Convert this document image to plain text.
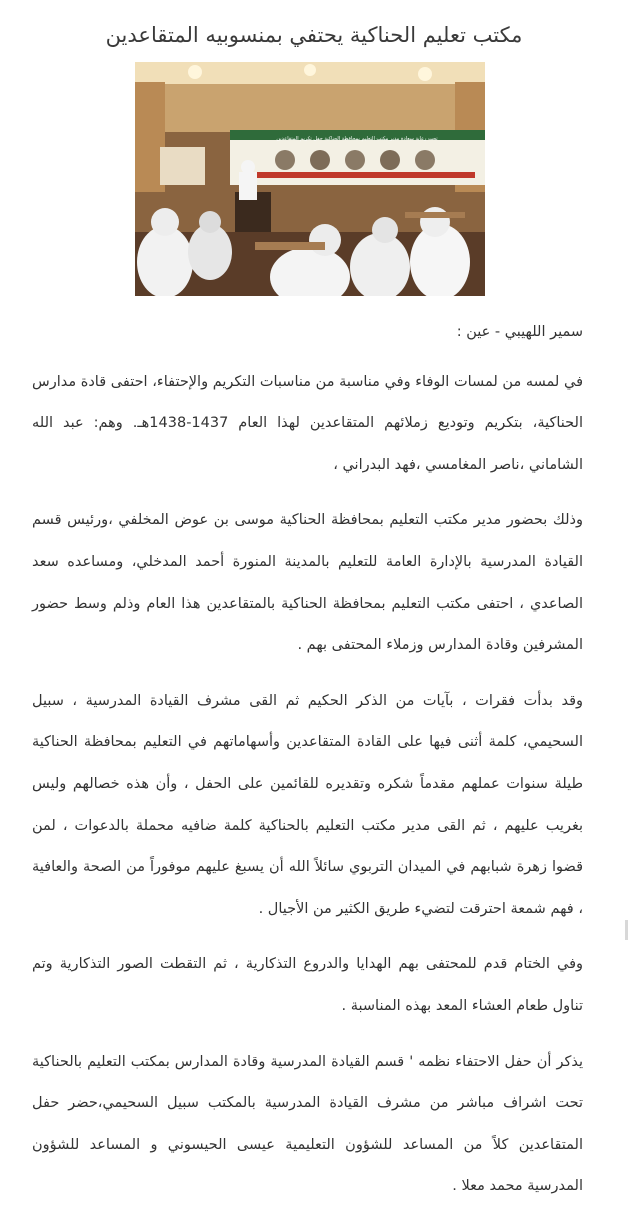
مكتب تعليم الحناكية يحتفي بمنسوبيه المتقاعدين
تحت رعاية سعادة مدير مكتب التعليم بمحافظة الحناكية حفل تكريم المتقاعدين

سمير اللهيبي - عين :

في لمسه من لمسات الوفاء وفي مناسبة من مناسبات التكريم والإحتفاء، احتفى قادة مدارس الحناكية، بتكريم وتوديع زملائهم المتقاعدين لهذا العام 1437-1438هـ. وهم: عبد الله الشاماني ،ناصر المغامسي ،فهد البدراني ،

وذلك بحضور مدير مكتب التعليم بمحافظة الحناكية موسى بن عوض المخلفي ،ورئيس قسم القيادة المدرسية بالإدارة العامة للتعليم بالمدينة المنورة أحمد المدخلي، ومساعده سعد الصاعدي ، احتفى مكتب التعليم بمحافظة الحناكية بالمتقاعدين هذا العام وذلم وسط حضور المشرفين وقادة المدارس وزملاء المحتفى بهم .

وقد بدأت فقرات ، بآيات من الذكر الحكيم ثم القى مشرف القيادة المدرسية ، سبيل السحيمي، كلمة أثنى فيها على القادة المتقاعدين وأسهاماتهم في التعليم بمحافظة الحناكية طيلة سنوات عملهم مقدماً شكره وتقديره للقائمين على الحفل ، وأن هذه خصالهم وليس بغريب عليهم ، ثم القى مدير مكتب التعليم بالحناكية كلمة ضافيه محملة بالدعوات ، لمن قضوا زهرة شبابهم في الميدان التربوي سائلاً الله أن يسبغ عليهم موفوراً من الصحة والعافية ، فهم شمعة احترقت لتضيء طريق الكثير من الأجيال .

وفي الختام قدم للمحتفى بهم الهدايا والدروع التذكارية ، ثم التقطت الصور التذكارية وتم تناول طعام العشاء المعد بهذه المناسبة .

يذكر أن حفل الاحتفاء نظمه ' قسم القيادة المدرسية وقادة المدارس بمكتب التعليم بالحناكية تحت اشراف مباشر من مشرف القيادة المدرسية بالمكتب سبيل السحيمي،حضر حفل المتقاعدين كلاً من المساعد للشؤون التعليمية عيسى الحيسوني و المساعد للشؤون المدرسية محمد معلا .
